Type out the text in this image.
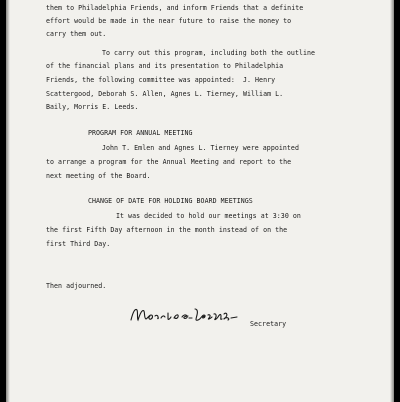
them to Philadelphia Friends, and inform Friends that a definite
effort would be made in the near future to raise the money to
carry them out.
To carry out this program, including both the outline
of the financial plans and its presentation to Philadelphia
Friends, the following committee was appointed:  J. Henry
Scattergood, Deborah S. Allen, Agnes L. Tierney, William L.
Baily, Morris E. Leeds.
PROGRAM FOR ANNUAL MEETING
John T. Emlen and Agnes L. Tierney were appointed
to arrange a program for the Annual Meeting and report to the
next meeting of the Board.
CHANGE OF DATE FOR HOLDING BOARD MEETINGS
It was decided to hold our meetings at 3:30 on
the first Fifth Day afternoon in the month instead of on the
first Third Day.
Then adjourned.
Secretary
